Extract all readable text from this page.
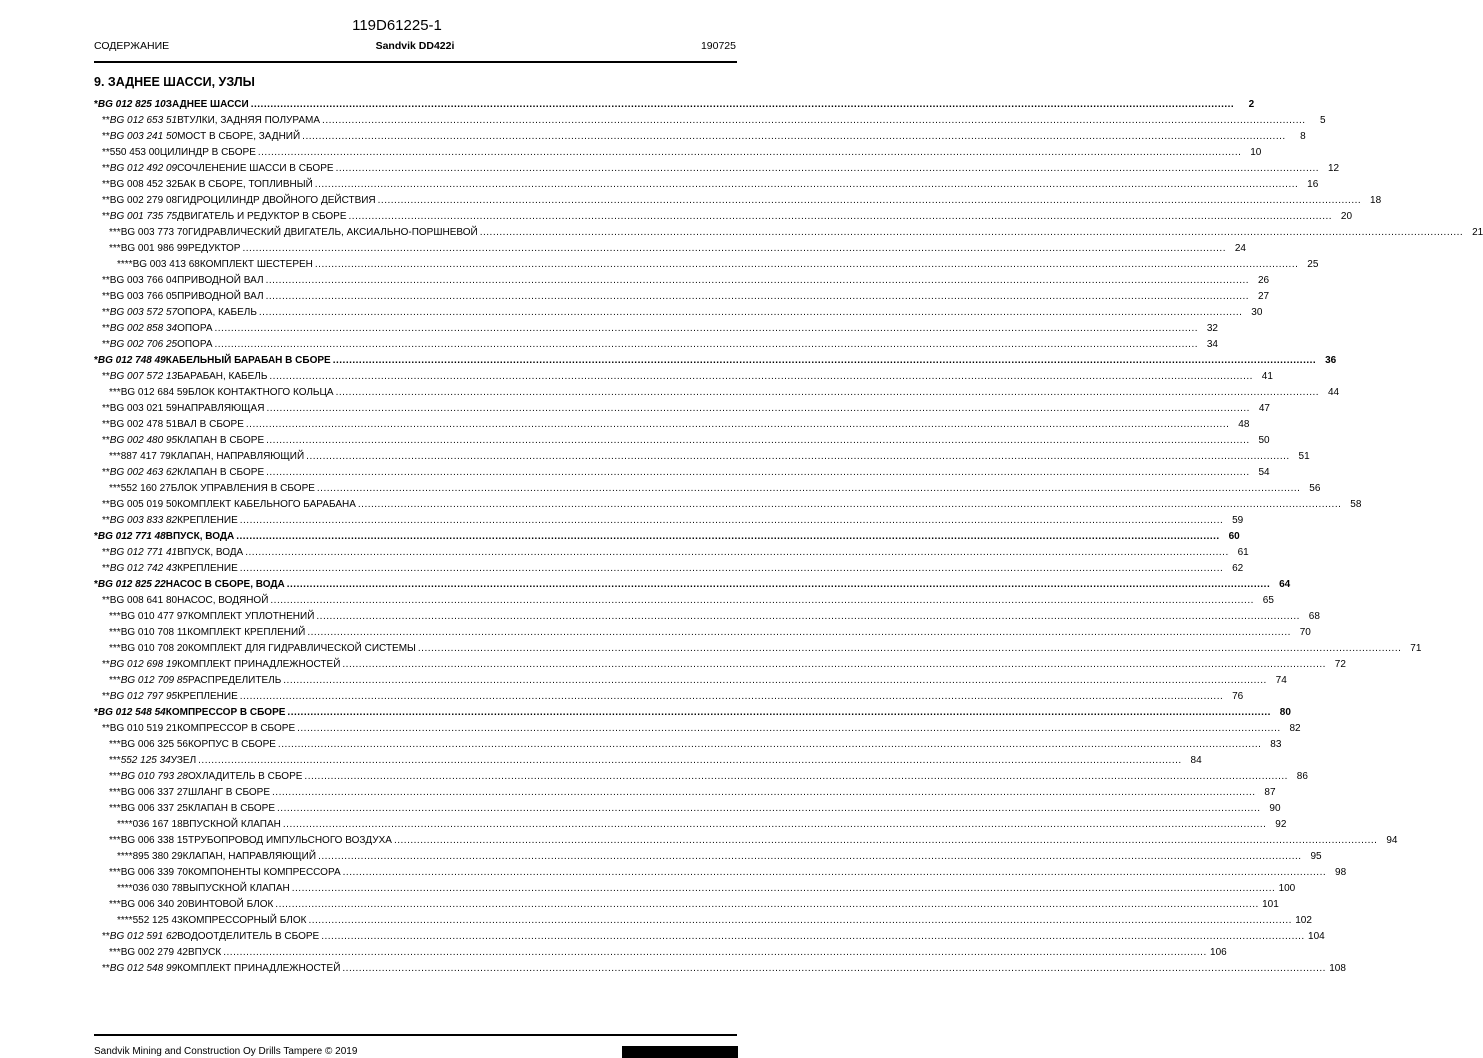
119D61225-1
СОДЕРЖАНИЕ	Sandvik DD422i	190725
9. ЗАДНЕЕ ШАССИ, УЗЛЫ
* BG 012 825 10 ЗАДНЕЕ ШАССИ ............................................................................................................................................................................................................................................................................................................	2
** BG 012 653 51 ВТУЛКИ, ЗАДНЯЯ ПОЛУРАМА ............................................................................................................................................................................................................................................................................................................	5
** BG 003 241 50 МОСТ В СБОРЕ, ЗАДНИЙ ............................................................................................................................................................................................................................................................................................................	8
** 550 453 00 ЦИЛИНДР В СБОРЕ ............................................................................................................................................................................................................................................................................................................ 10
** BG 012 492 09 СОЧЛЕНЕНИЕ ШАССИ В СБОРЕ ............................................................................................................................................................................................................................................................................................................ 12
** BG 008 452 32 БАК В СБОРЕ, ТОПЛИВНЫЙ ............................................................................................................................................................................................................................................................................................................ 16
** BG 002 279 08 ГИДРОЦИЛИНДР ДВОЙНОГО ДЕЙСТВИЯ ............................................................................................................................................................................................................................................................................................................ 18
** BG 001 735 75 ДВИГАТЕЛЬ И РЕДУКТОР В СБОРЕ ............................................................................................................................................................................................................................................................................................................ 20
*** BG 003 773 70 ГИДРАВЛИЧЕСКИЙ ДВИГАТЕЛЬ, АКСИАЛЬНО-ПОРШНЕВОЙ ............................................................................................................................................................................................................................................................................................................ 21
*** BG 001 986 99 РЕДУКТОР ............................................................................................................................................................................................................................................................................................................ 24
**** BG 003 413 68 КОМПЛЕКТ ШЕСТЕРЕН ............................................................................................................................................................................................................................................................................................................ 25
** BG 003 766 04 ПРИВОДНОЙ ВАЛ ............................................................................................................................................................................................................................................................................................................ 26
** BG 003 766 05 ПРИВОДНОЙ ВАЛ ............................................................................................................................................................................................................................................................................................................ 27
** BG 003 572 57 ОПОРА, КАБЕЛЬ ............................................................................................................................................................................................................................................................................................................ 30
** BG 002 858 34 ОПОРА ............................................................................................................................................................................................................................................................................................................ 32
** BG 002 706 25 ОПОРА ............................................................................................................................................................................................................................................................................................................ 34
* BG 012 748 49 КАБЕЛЬНЫЙ БАРАБАН В СБОРЕ ............................................................................................................................................................................................................................................................................................................ 36
** BG 007 572 13 БАРАБАН, КАБЕЛЬ ............................................................................................................................................................................................................................................................................................................ 41
*** BG 012 684 59 БЛОК КОНТАКТНОГО КОЛЬЦА ............................................................................................................................................................................................................................................................................................................ 44
** BG 003 021 59 НАПРАВЛЯЮЩАЯ ............................................................................................................................................................................................................................................................................................................ 47
** BG 002 478 51 ВАЛ В СБОРЕ ............................................................................................................................................................................................................................................................................................................ 48
** BG 002 480 95 КЛАПАН В СБОРЕ ............................................................................................................................................................................................................................................................................................................ 50
*** 887 417 79 КЛАПАН, НАПРАВЛЯЮЩИЙ ............................................................................................................................................................................................................................................................................................................ 51
** BG 002 463 62 КЛАПАН В СБОРЕ ............................................................................................................................................................................................................................................................................................................ 54
*** 552 160 27 БЛОК УПРАВЛЕНИЯ В СБОРЕ ............................................................................................................................................................................................................................................................................................................ 56
** BG 005 019 50 КОМПЛЕКТ КАБЕЛЬНОГО БАРАБАНА ............................................................................................................................................................................................................................................................................................................ 58
** BG 003 833 82 КРЕПЛЕНИЕ ............................................................................................................................................................................................................................................................................................................ 59
* BG 012 771 48 ВПУСК, ВОДА ............................................................................................................................................................................................................................................................................................................ 60
** BG 012 771 41 ВПУСК, ВОДА ............................................................................................................................................................................................................................................................................................................ 61
** BG 012 742 43 КРЕПЛЕНИЕ ............................................................................................................................................................................................................................................................................................................ 62
* BG 012 825 22 НАСОС В СБОРЕ, ВОДА ............................................................................................................................................................................................................................................................................................................ 64
** BG 008 641 80 НАСОС, ВОДЯНОЙ ............................................................................................................................................................................................................................................................................................................ 65
*** BG 010 477 97 КОМПЛЕКТ УПЛОТНЕНИЙ ............................................................................................................................................................................................................................................................................................................ 68
*** BG 010 708 11 КОМПЛЕКТ КРЕПЛЕНИЙ ............................................................................................................................................................................................................................................................................................................ 70
*** BG 010 708 20 КОМПЛЕКТ ДЛЯ ГИДРАВЛИЧЕСКОЙ СИСТЕМЫ ............................................................................................................................................................................................................................................................................................................ 71
** BG 012 698 19 КОМПЛЕКТ ПРИНАДЛЕЖНОСТЕЙ ............................................................................................................................................................................................................................................................................................................ 72
*** BG 012 709 85 РАСПРЕДЕЛИТЕЛЬ ............................................................................................................................................................................................................................................................................................................ 74
** BG 012 797 95 КРЕПЛЕНИЕ ............................................................................................................................................................................................................................................................................................................ 76
* BG 012 548 54 КОМПРЕССОР В СБОРЕ ............................................................................................................................................................................................................................................................................................................ 80
** BG 010 519 21 КОМПРЕССОР В СБОРЕ ............................................................................................................................................................................................................................................................................................................ 82
*** BG 006 325 56 КОРПУС В СБОРЕ ............................................................................................................................................................................................................................................................................................................ 83
*** 552 125 34 УЗЕЛ ............................................................................................................................................................................................................................................................................................................ 84
*** BG 010 793 28 ОХЛАДИТЕЛЬ В СБОРЕ ............................................................................................................................................................................................................................................................................................................ 86
*** BG 006 337 27 ШЛАНГ В СБОРЕ ............................................................................................................................................................................................................................................................................................................ 87
*** BG 006 337 25 КЛАПАН В СБОРЕ ............................................................................................................................................................................................................................................................................................................ 90
**** 036 167 18 ВПУСКНОЙ КЛАПАН ............................................................................................................................................................................................................................................................................................................ 92
*** BG 006 338 15 ТРУБОПРОВОД ИМПУЛЬСНОГО ВОЗДУХА ............................................................................................................................................................................................................................................................................................................ 94
**** 895 380 29 КЛАПАН, НАПРАВЛЯЮЩИЙ ............................................................................................................................................................................................................................................................................................................ 95
*** BG 006 339 70 КОМПОНЕНТЫ КОМПРЕССОРА ............................................................................................................................................................................................................................................................................................................ 98
**** 036 030 78 ВЫПУСКНОЙ КЛАПАН ............................................................................................................................................................................................................................................................................................................ 100
*** BG 006 340 20 ВИНТОВОЙ БЛОК ............................................................................................................................................................................................................................................................................................................ 101
**** 552 125 43 КОМПРЕССОРНЫЙ БЛОК ............................................................................................................................................................................................................................................................................................................ 102
** BG 012 591 62 ВОДООТДЕЛИТЕЛЬ В СБОРЕ ............................................................................................................................................................................................................................................................................................................ 104
*** BG 002 279 42 ВПУСК ............................................................................................................................................................................................................................................................................................................ 106
** BG 012 548 99 КОМПЛЕКТ ПРИНАДЛЕЖНОСТЕЙ ............................................................................................................................................................................................................................................................................................................ 108
Sandvik Mining and Construction Oy Drills Tampere © 2019
